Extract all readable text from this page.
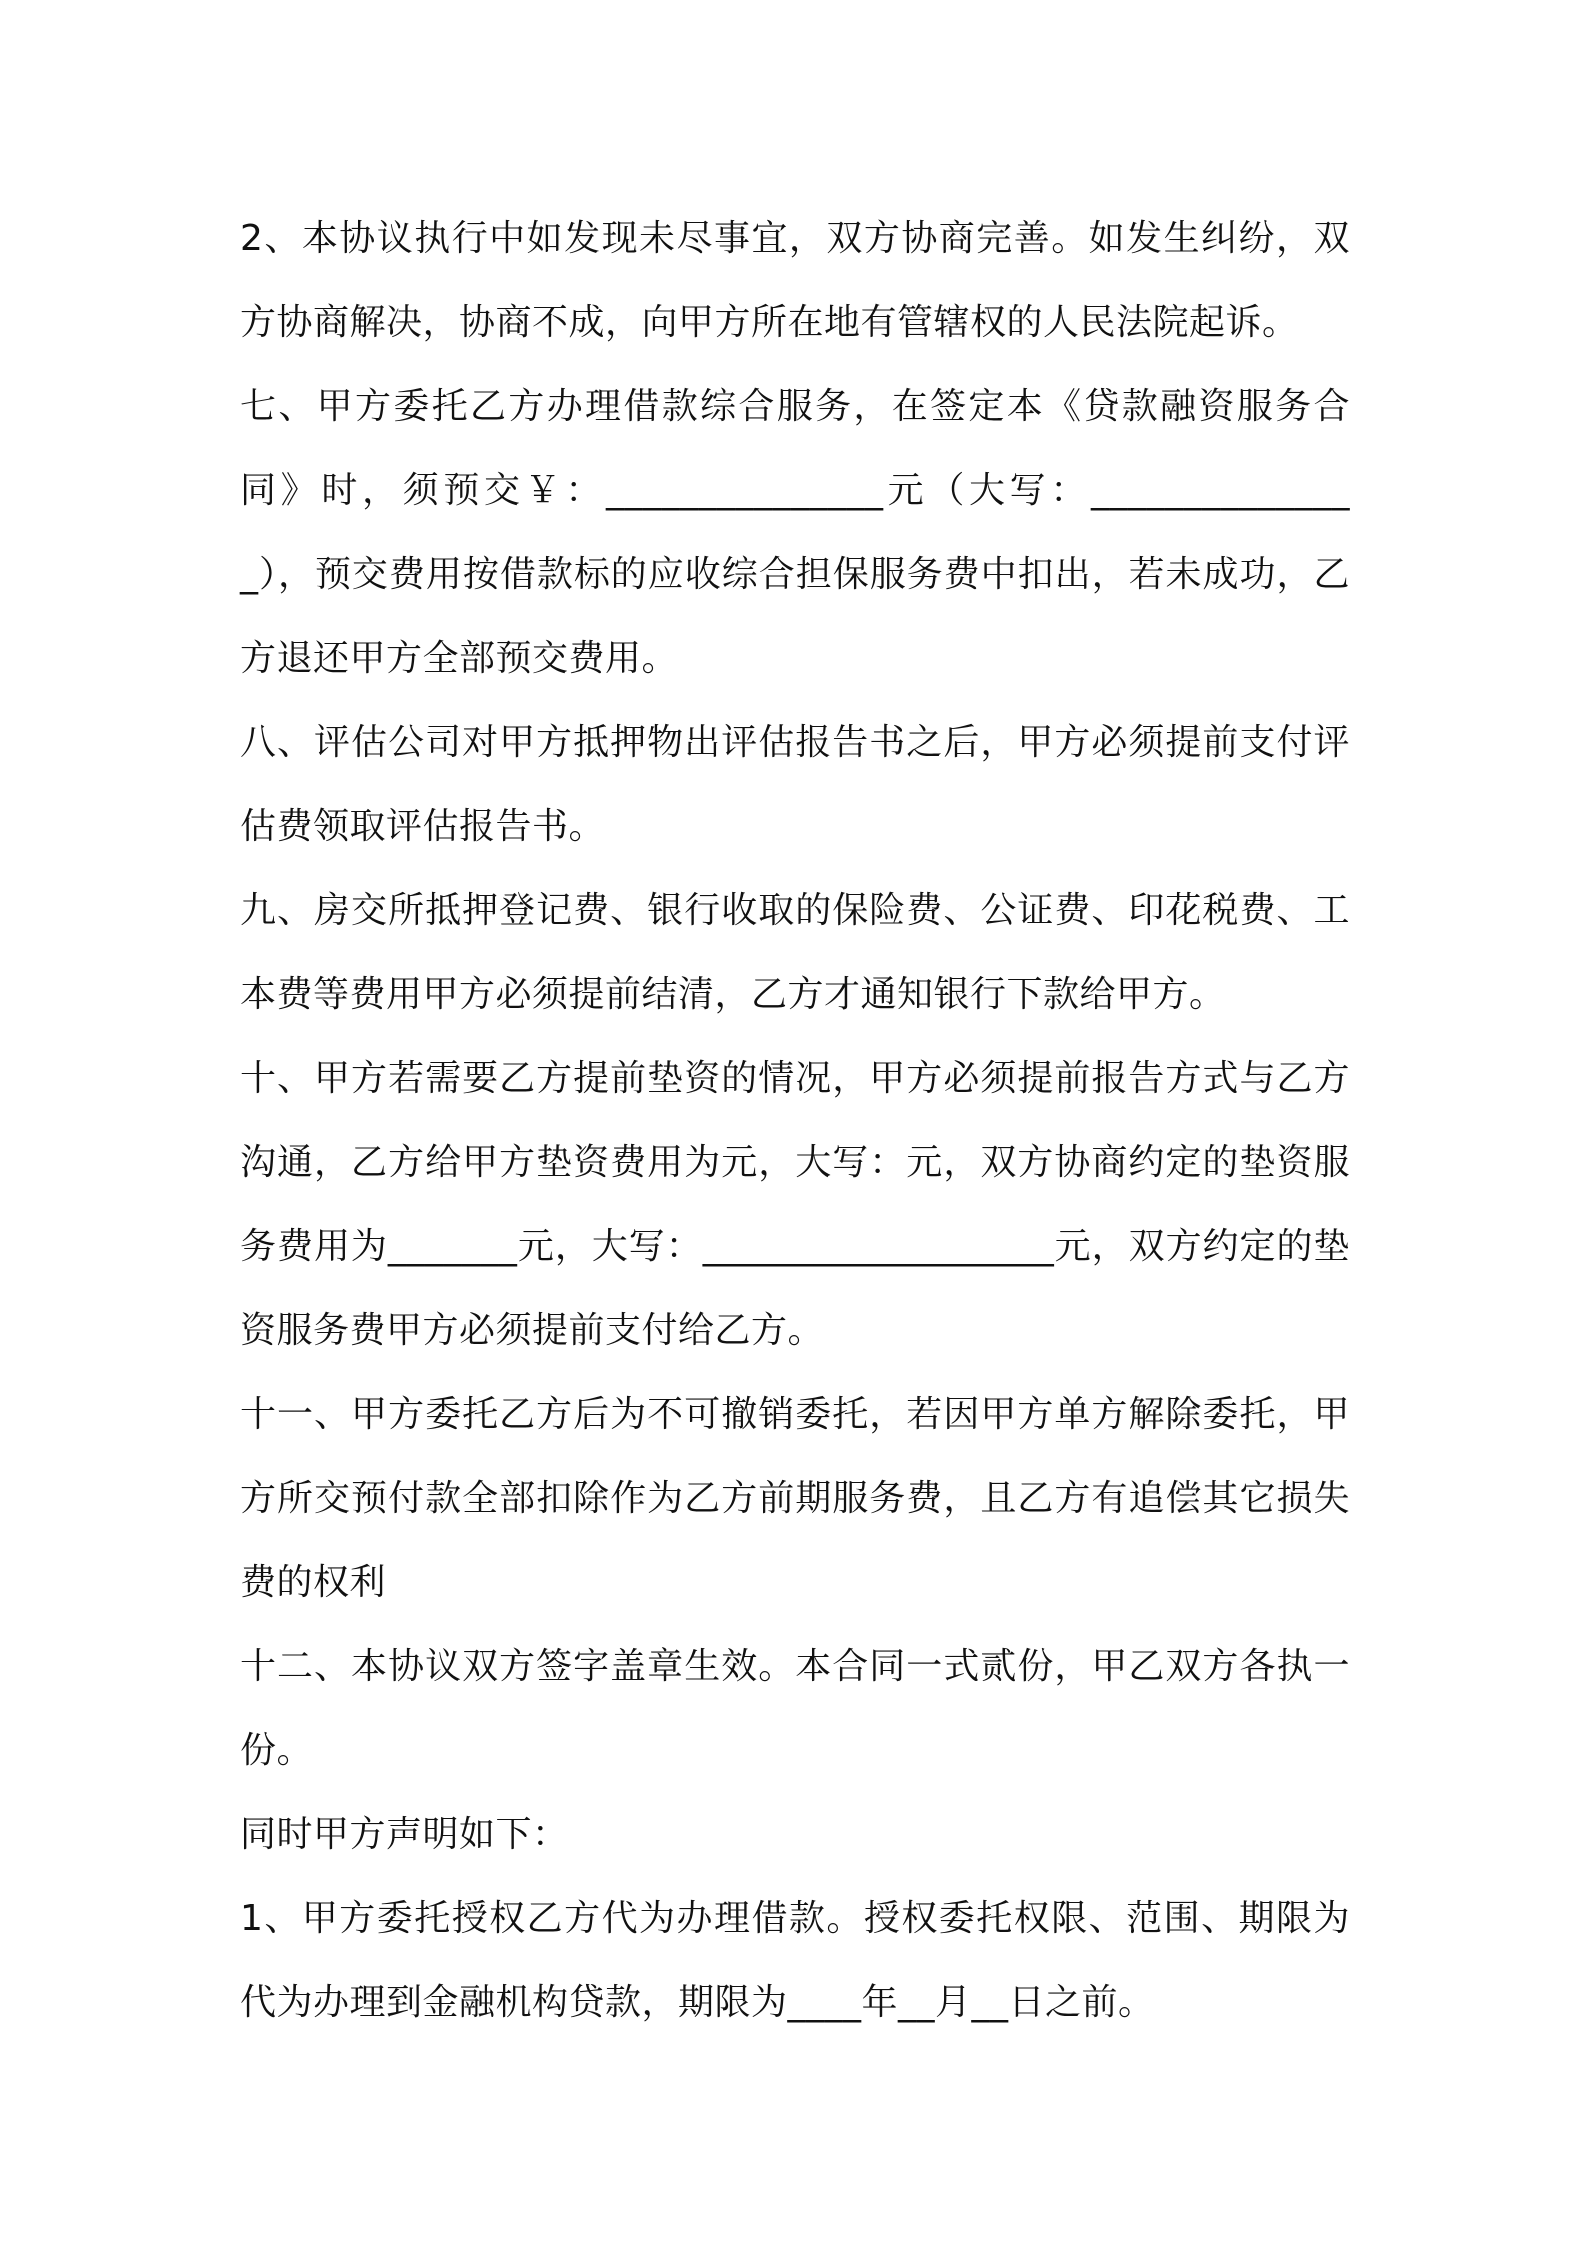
2、本协议执行中如发现未尽事宜，双方协商完善。如发生纠纷，双方协商解决，协商不成，向甲方所在地有管辖权的人民法院起诉。

七、甲方委托乙方办理借款综合服务，在签定本《贷款融资服务合同》时，须预交￥：_______________元（大写：_______________），预交费用按借款标的应收综合担保服务费中扣出，若未成功，乙方退还甲方全部预交费用。

八、评估公司对甲方抵押物出评估报告书之后，甲方必须提前支付评估费领取评估报告书。

九、房交所抵押登记费、银行收取的保险费、公证费、印花税费、工本费等费用甲方必须提前结清，乙方才通知银行下款给甲方。

十、甲方若需要乙方提前垫资的情况，甲方必须提前报告方式与乙方沟通，乙方给甲方垫资费用为元，大写：元，双方协商约定的垫资服务费用为_______元，大写：___________________元，双方约定的垫资服务费甲方必须提前支付给乙方。

十一、甲方委托乙方后为不可撤销委托，若因甲方单方解除委托，甲方所交预付款全部扣除作为乙方前期服务费，且乙方有追偿其它损失费的权利

十二、本协议双方签字盖章生效。本合同一式贰份，甲乙双方各执一份。

同时甲方声明如下：

1、甲方委托授权乙方代为办理借款。授权委托权限、范围、期限为代为办理到金融机构贷款，期限为____年__月__日之前。
